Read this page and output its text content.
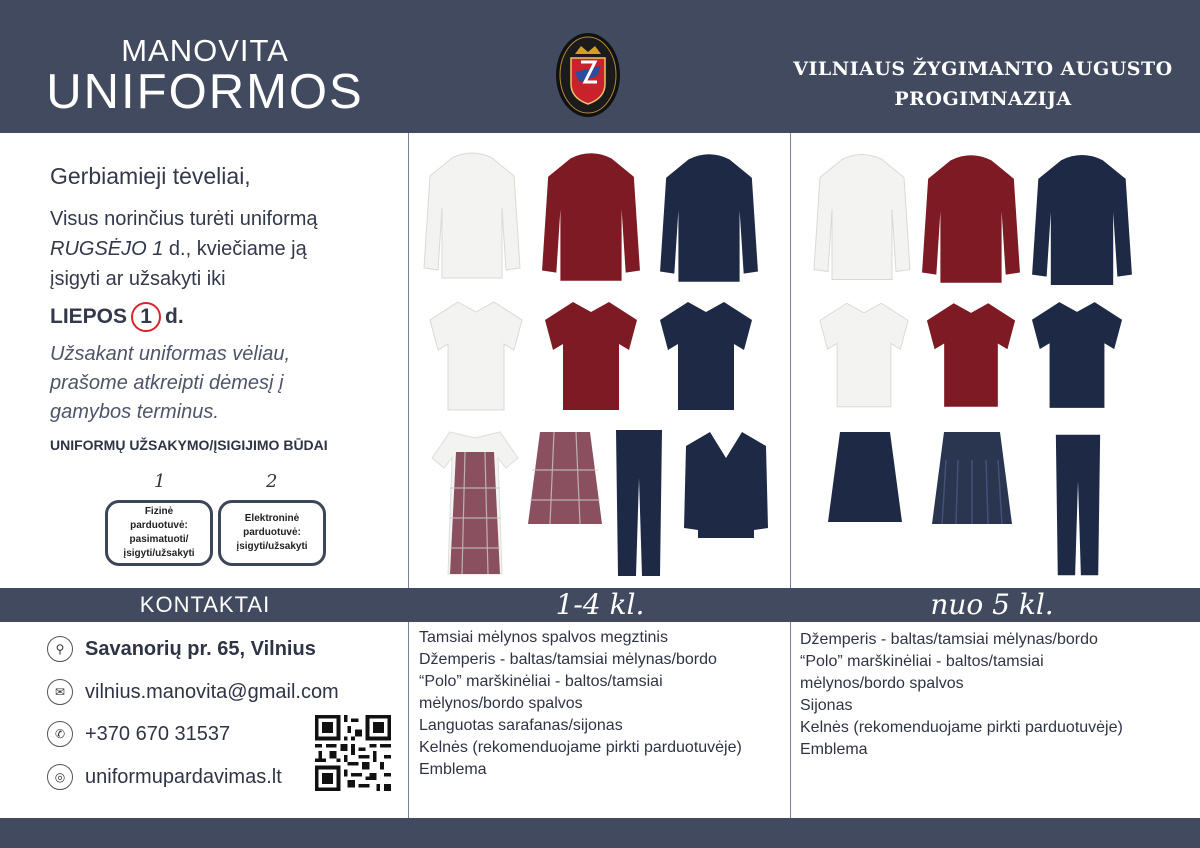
MANOVITA
UNIFORMOS	VILNIAUS ŽYGIMANTO AUGUSTO
PROGIMNAZIJA
Gerbiamieji tėveliai,
Visus norinčius turėti uniformą
RUGSĖJO 1 d., kviečiame ją
įsigyti ar užsakyti iki
LIEPOS 1 d.
Užsakant uniformas vėliau,
prašome atkreipti dėmesį į
gamybos terminus.
UNIFORMŲ UŽSAKYMO/ĮSIGIJIMO BŪDAI
1	2
Fizinė parduotuvė: pasimatuoti/ įsigyti/užsakyti
Elektroninė parduotuvė: įsigyti/užsakyti
KONTAKTAI	1-4 kl.	nuo 5 kl.
⚲	Savanorių pr. 65, Vilnius
✉ vilnius.manovita@gmail.com
✆ +370 670 31537
◎ uniformupardavimas.lt
Tamsiai mėlynos spalvos megztinis
Džemperis - baltas/tamsiai mėlynas/bordo
“Polo” marškinėliai - baltos/tamsiai
mėlynos/bordo spalvos
Languotas sarafanas/sijonas
Kelnės (rekomenduojame pirkti parduotuvėje)
Emblema
Džemperis - baltas/tamsiai mėlynas/bordo
“Polo” marškinėliai - baltos/tamsiai
mėlynos/bordo spalvos
Sijonas
Kelnės (rekomenduojame pirkti parduotuvėje)
Emblema
